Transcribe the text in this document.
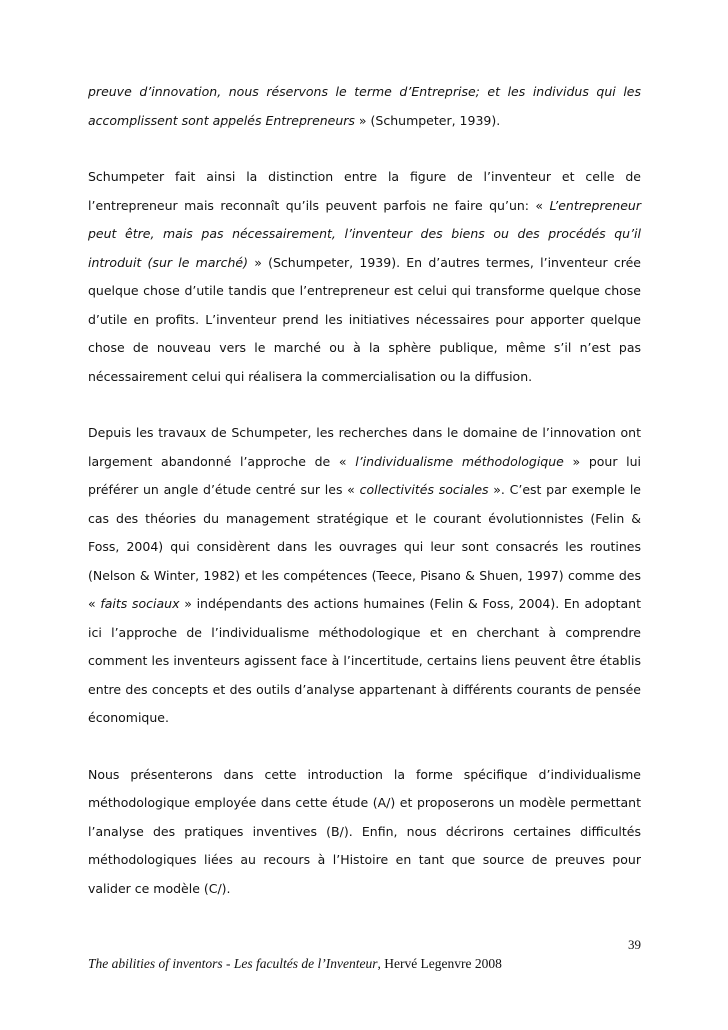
preuve d’innovation, nous réservons le terme d’Entreprise; et les individus qui les accomplissent sont appelés Entrepreneurs » (Schumpeter, 1939).

Schumpeter fait ainsi la distinction entre la figure de l’inventeur et celle de l’entrepreneur mais reconnaît qu’ils peuvent parfois ne faire qu’un: « L’entrepreneur peut être, mais pas nécessairement, l’inventeur des biens ou des procédés qu’il introduit (sur le marché) » (Schumpeter, 1939). En d’autres termes, l’inventeur crée quelque chose d’utile tandis que l’entrepreneur est celui qui transforme quelque chose d’utile en profits. L’inventeur prend les initiatives nécessaires pour apporter quelque chose de nouveau vers le marché ou à la sphère publique, même s’il n’est pas nécessairement celui qui réalisera la commercialisation ou la diffusion.

Depuis les travaux de Schumpeter, les recherches dans le domaine de l’innovation ont largement abandonné l’approche de « l’individualisme méthodologique » pour lui préférer un angle d’étude centré sur les « collectivités sociales ». C’est par exemple le cas des théories du management stratégique et le courant évolutionnistes (Felin & Foss, 2004) qui considèrent dans les ouvrages qui leur sont consacrés les routines (Nelson & Winter, 1982) et les compétences (Teece, Pisano & Shuen, 1997) comme des « faits sociaux » indépendants des actions humaines (Felin & Foss, 2004). En adoptant ici l’approche de l’individualisme méthodologique et en cherchant à comprendre comment les inventeurs agissent face à l’incertitude, certains liens peuvent être établis entre des concepts et des outils d’analyse appartenant à différents courants de pensée économique.

Nous présenterons dans cette introduction la forme spécifique d’individualisme méthodologique employée dans cette étude (A/) et proposerons un modèle permettant l’analyse des pratiques inventives (B/). Enfin, nous décrirons certaines difficultés méthodologiques liées au recours à l’Histoire en tant que source de preuves pour valider ce modèle (C/).

39
The abilities of inventors - Les facultés de l’Inventeur, Hervé Legenvre 2008
